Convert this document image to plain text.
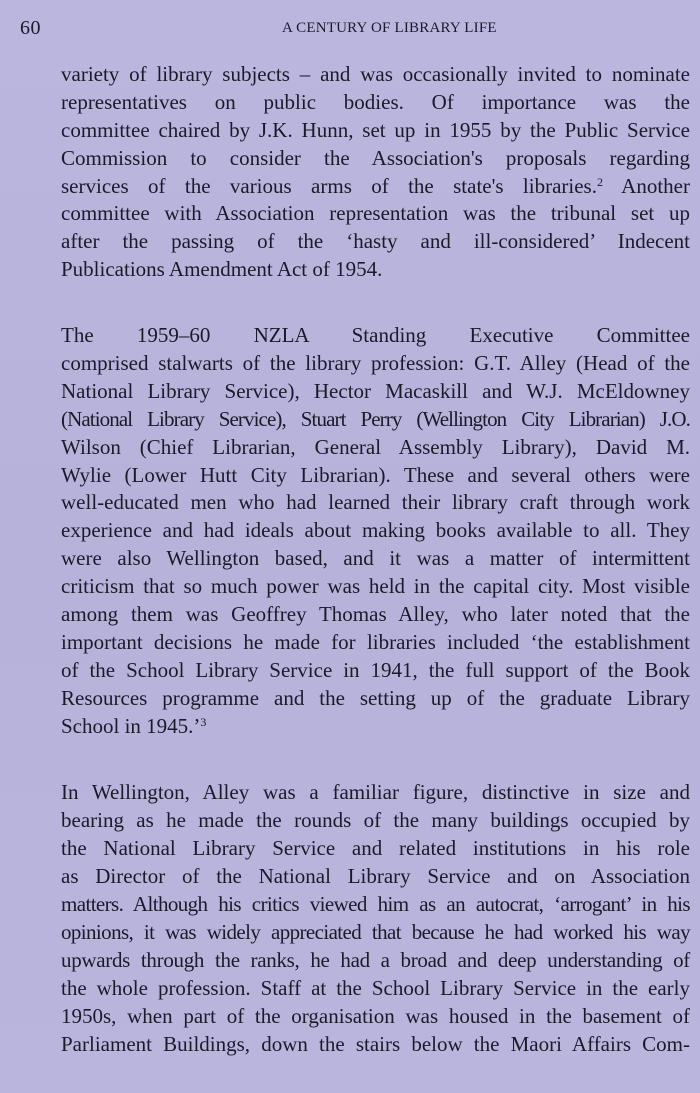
60	A CENTURY OF LIBRARY LIFE
variety of library subjects – and was occasionally invited to nominate
representatives on public bodies. Of importance was the
committee chaired by J.K. Hunn, set up in 1955 by the Public Service
Commission to consider the Association's proposals regarding
services of the various arms of the state's libraries.$^2$ Another
committee with Association representation was the tribunal set up
after the passing of the ‘hasty and ill-considered’ Indecent
Publications Amendment Act of 1954.
The 1959–60 NZLA Standing Executive Committee
comprised stalwarts of the library profession: G.T. Alley (Head of the
National Library Service), Hector Macaskill and W.J. McEldowney
(National Library Service), Stuart Perry (Wellington City Librarian) J.O.
Wilson (Chief Librarian, General Assembly Library), David M.
Wylie (Lower Hutt City Librarian). These and several others were
well-educated men who had learned their library craft through work
experience and had ideals about making books available to all. They
were also Wellington based, and it was a matter of intermittent
criticism that so much power was held in the capital city. Most visible
among them was Geoffrey Thomas Alley, who later noted that the
important decisions he made for libraries included ‘the establishment
of the School Library Service in 1941, the full support of the Book
Resources programme and the setting up of the graduate Library
School in 1945.’$^3$
In Wellington, Alley was a familiar figure, distinctive in size and
bearing as he made the rounds of the many buildings occupied by
the National Library Service and related institutions in his role
as Director of the National Library Service and on Association
matters. Although his critics viewed him as an autocrat, ‘arrogant’ in his
opinions, it was widely appreciated that because he had worked his way
upwards through the ranks, he had a broad and deep understanding of
the whole profession. Staff at the School Library Service in the early
1950s, when part of the organisation was housed in the basement of
Parliament Buildings, down the stairs below the Maori Affairs Com-
